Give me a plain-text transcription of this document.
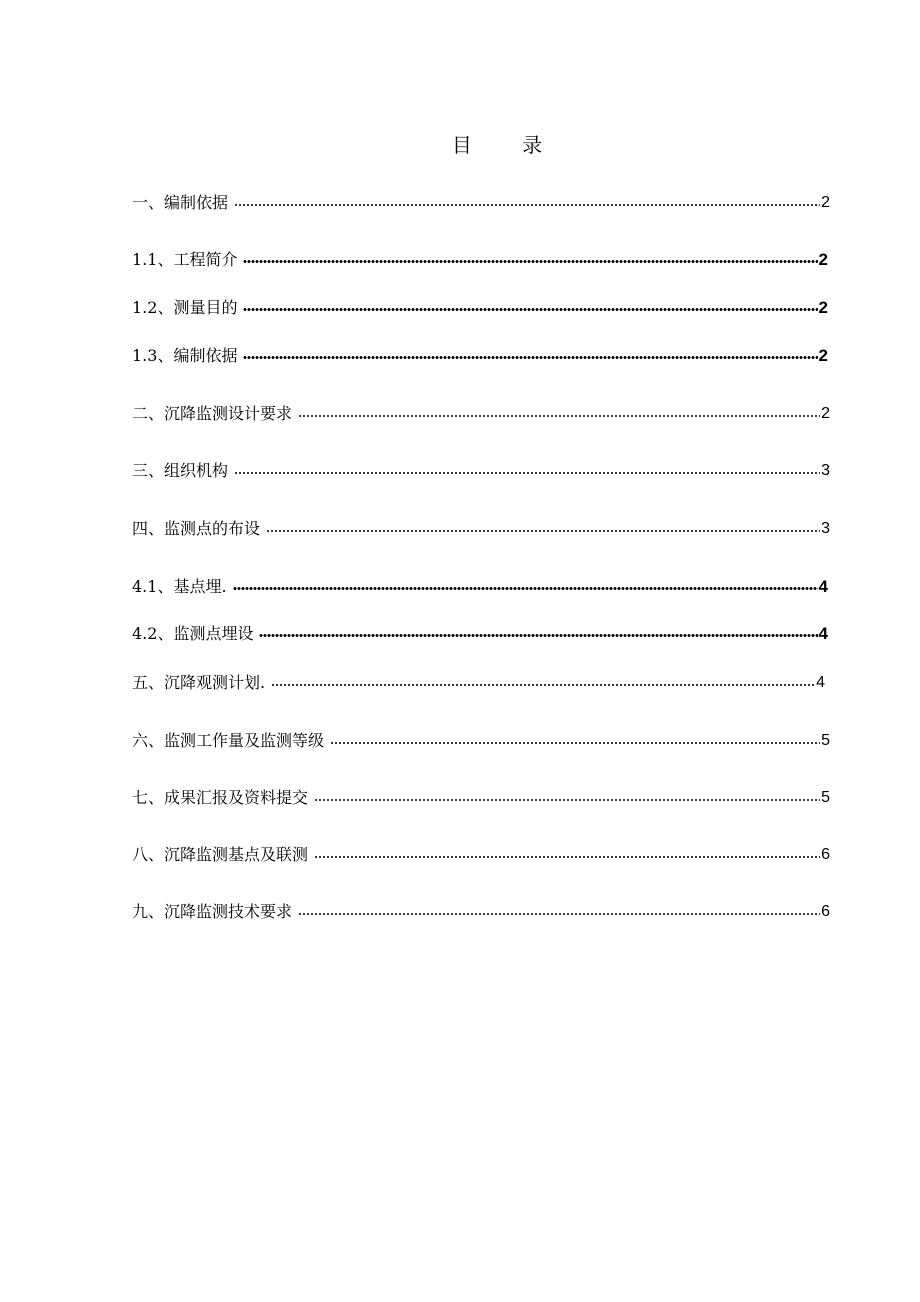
目 录
一、编制依据	2
1.1、工程简介	2
1.2、测量目的	2
1.3、编制依据	2
二、沉降监测设计要求	2
三、组织机构	3
四、监测点的布设	3
4.1、基点埋.	4
4.2、监测点埋设	4
五、沉降观测计划.	4
六、监测工作量及监测等级	5
七、成果汇报及资料提交	5
八、沉降监测基点及联测	6
九、沉降监测技术要求	6
